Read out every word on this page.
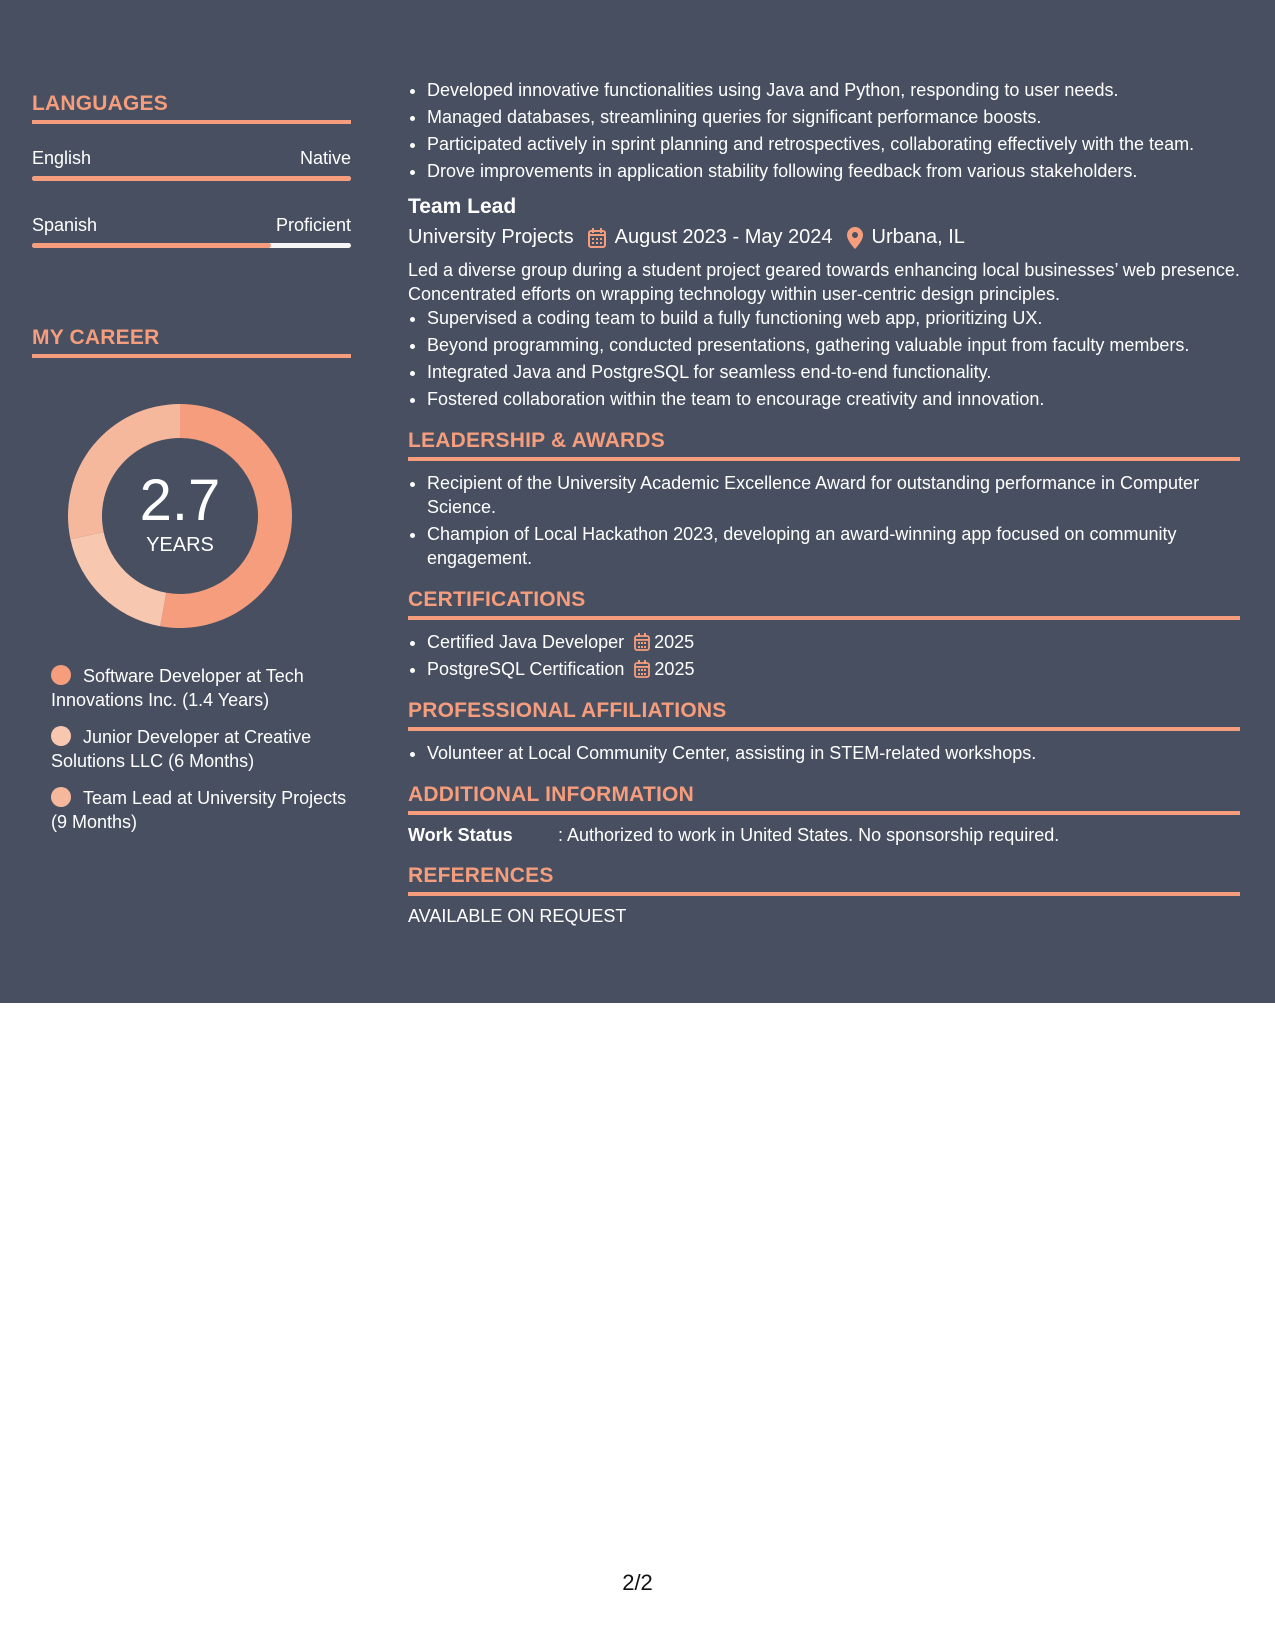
LANGUAGES
English	Native
Spanish	Proficient
MY CAREER
2.7
YEARS
Software Developer at Tech Innovations Inc. (1.4 Years)
Junior Developer at Creative Solutions LLC (6 Months)
Team Lead at University Projects (9 Months)
• Developed innovative functionalities using Java and Python, responding to user needs.
• Managed databases, streamlining queries for significant performance boosts.
• Participated actively in sprint planning and retrospectives, collaborating effectively with the team.
• Drove improvements in application stability following feedback from various stakeholders.
Team Lead
University Projects August 2023 - May 2024 Urbana, IL
Led a diverse group during a student project geared towards enhancing local businesses’ web presence. Concentrated efforts on wrapping technology within user-centric design principles.
• Supervised a coding team to build a fully functioning web app, prioritizing UX.
• Beyond programming, conducted presentations, gathering valuable input from faculty members.
• Integrated Java and PostgreSQL for seamless end-to-end functionality.
• Fostered collaboration within the team to encourage creativity and innovation.
LEADERSHIP & AWARDS
• Recipient of the University Academic Excellence Award for outstanding performance in Computer Science.
• Champion of Local Hackathon 2023, developing an award-winning app focused on community engagement.
CERTIFICATIONS
• Certified Java Developer 2025
• PostgreSQL Certification 2025
PROFESSIONAL AFFILIATIONS
• Volunteer at Local Community Center, assisting in STEM-related workshops.
ADDITIONAL INFORMATION
Work Status	: Authorized to work in United States. No sponsorship required.
REFERENCES
AVAILABLE ON REQUEST
2/2
